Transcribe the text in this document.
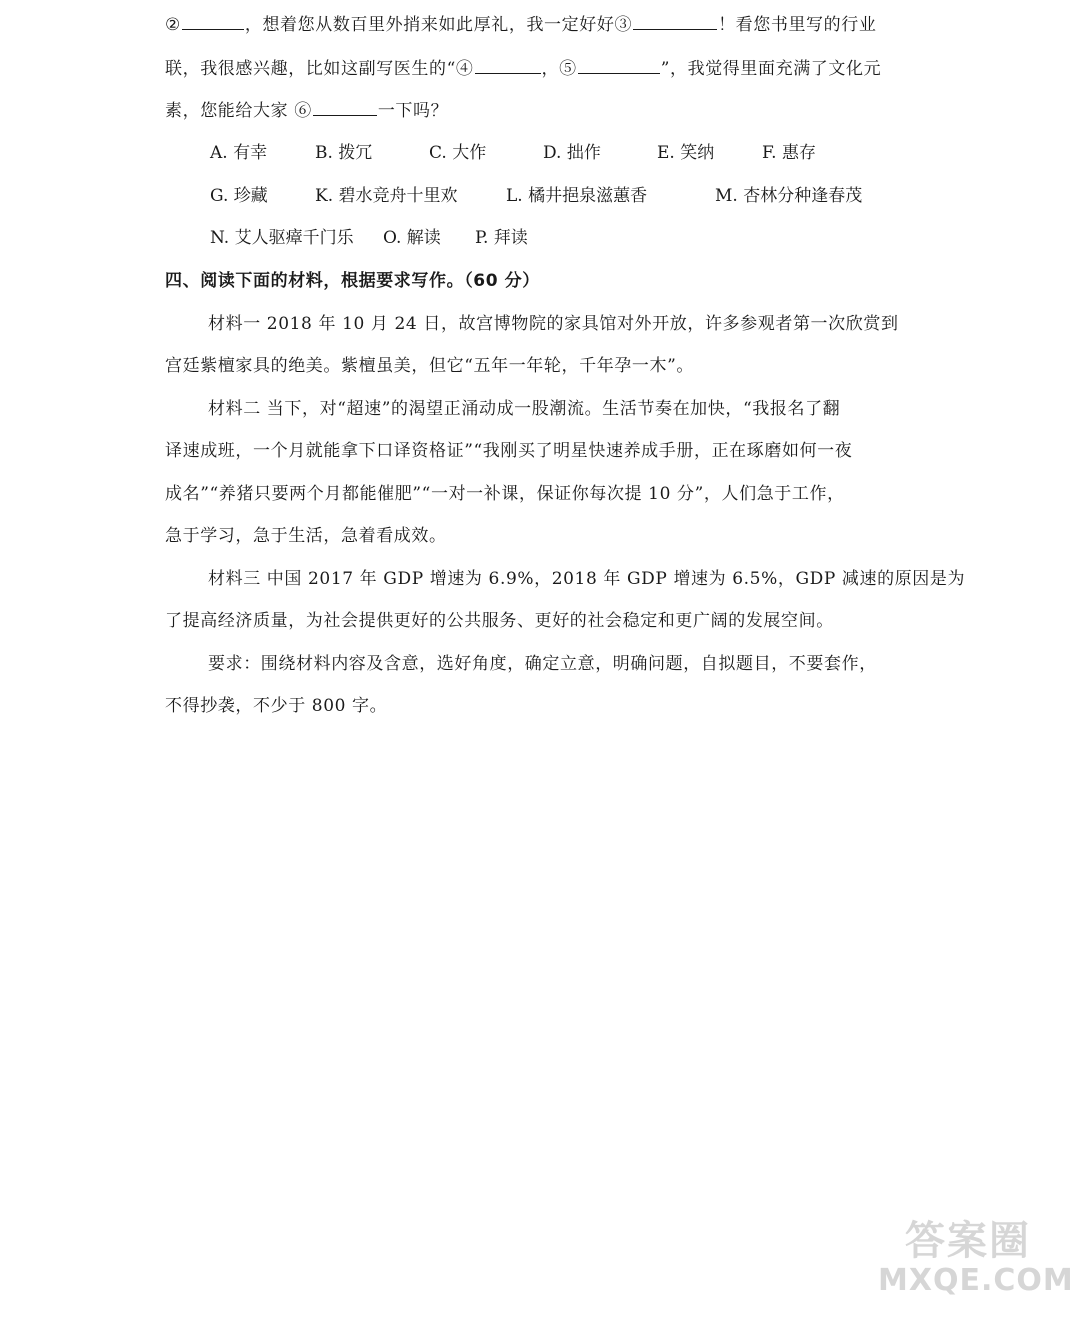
②	，想着您从数百里外捎来如此厚礼，我一定好好③	！看您书里写的行业
联，我很感兴趣，比如这副写医生的“④	，⑤	”，我觉得里面充满了文化元
素，您能给大家 ⑥	一下吗？
A. 有幸	B. 拨冗	C. 大作	D. 拙作	E. 笑纳	F. 惠存
G. 珍藏	K. 碧水竞舟十里欢	L. 橘井挹泉滋蕙香	M. 杏林分种逢春茂
N. 艾人驱瘴千门乐 O. 解读 P. 拜读
四、阅读下面的材料，根据要求写作。（60 分）
材料一 2018 年 10 月 24 日，故宫博物院的家具馆对外开放，许多参观者第一次欣赏到
宫廷紫檀家具的绝美。紫檀虽美，但它“五年一年轮，千年孕一木”。
材料二 当下，对“超速”的渴望正涌动成一股潮流。生活节奏在加快，“我报名了翻
译速成班，一个月就能拿下口译资格证”“我刚买了明星快速养成手册，正在琢磨如何一夜
成名”“养猪只要两个月都能催肥”“一对一补课，保证你每次提 10 分”，人们急于工作，
急于学习，急于生活，急着看成效。
材料三 中国 2017 年 GDP 增速为 6.9%，2018 年 GDP 增速为 6.5%，GDP 减速的原因是为
了提高经济质量，为社会提供更好的公共服务、更好的社会稳定和更广阔的发展空间。
要求：围绕材料内容及含意，选好角度，确定立意，明确问题，自拟题目，不要套作，
不得抄袭，不少于 800 字。
答案圈
MXQE.COM
